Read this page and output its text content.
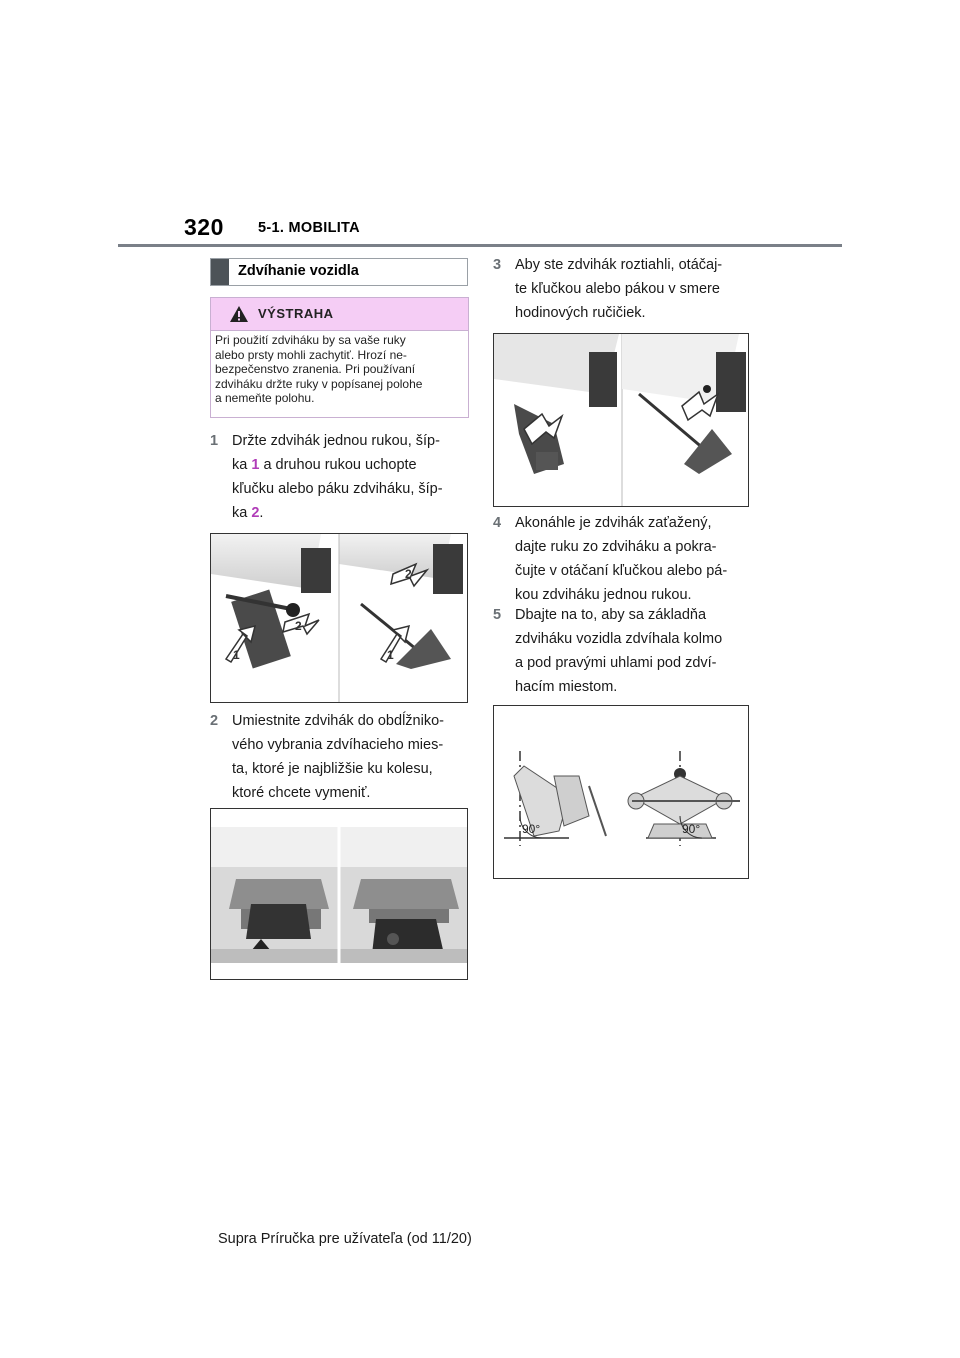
320 5-1. MOBILITA
Zdvíhanie vozidla
VÝSTRAHA
Pri použití zdviháku by sa vaše ruky
alebo prsty mohli zachytiť. Hrozí ne-
bezpečenstvo zranenia. Pri používaní
zdviháku držte ruky v popísanej polohe
a nemeňte polohu.
1 Držte zdvihák jednou rukou, šíp-
ka 1 a druhou rukou uchopte
kľučku alebo páku zdviháku, šíp-
ka 2.
1
2
2
1
2 Umiestnite zdvihák do obdĺžniko-
vého vybrania zdvíhacieho mies-
ta, ktoré je najbližšie ku kolesu,
ktoré chcete vymeniť.
3 Aby ste zdvihák roztiahli, otáčaj-
te kľučkou alebo pákou v smere
hodinových ručičiek.
4 Akonáhle je zdvihák zaťažený,
dajte ruku zo zdviháku a pokra-
čujte v otáčaní kľučkou alebo pá-
kou zdviháku jednou rukou.
5 Dbajte na to, aby sa základňa
zdviháku vozidla zdvíhala kolmo
a pod pravými uhlami pod zdví-
hacím miestom.
90°	90°
Supra Príručka pre užívateľa (od 11/20)
